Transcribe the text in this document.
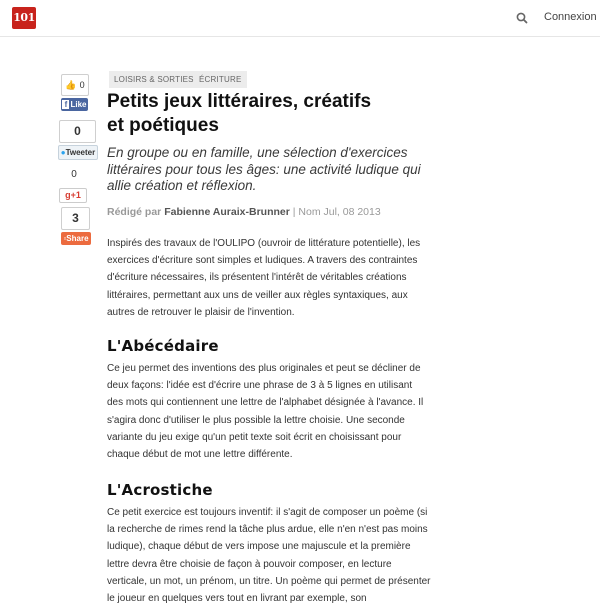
101	Connexion
👍 0
f Like
0
●Tweeter
0
g+1
3
▫Share
LOISIRS & SORTIES ÉCRITURE
Petits jeux littéraires, créatifs
et poétiques

En groupe ou en famille, une sélection d'exercices littéraires pour tous les âges: une activité ludique qui allie création et réflexion.

Rédigé par Fabienne Auraix-Brunner | Nom Jul, 08 2013

Inspirés des travaux de l'OULIPO (ouvroir de littérature potentielle), les exercices d'écriture sont simples et ludiques. A travers des contraintes d'écriture nécessaires, ils présentent l'intérêt de véritables créations littéraires, permettant aux uns de veiller aux règles syntaxiques, aux autres de retrouver le plaisir de l'invention.

L'Abécédaire

Ce jeu permet des inventions des plus originales et peut se décliner de deux façons: l'idée est d'écrire une phrase de 3 à 5 lignes en utilisant des mots qui contiennent une lettre de l'alphabet désignée à l'avance. Il s'agira donc d'utiliser le plus possible la lettre choisie. Une seconde variante du jeu exige qu'un petit texte soit écrit en choisissant pour chaque début de mot une lettre différente.

L'Acrostiche

Ce petit exercice est toujours inventif: il s'agit de composer un poème (si la recherche de rimes rend la tâche plus ardue, elle n'en n'est pas moins ludique), chaque début de vers impose une majuscule et la première lettre devra être choisie de façon à pouvoir composer, en lecture verticale, un mot, un prénom, un titre. Un poème qui permet de présenter le joueur en quelques vers tout en livrant par exemple, son
